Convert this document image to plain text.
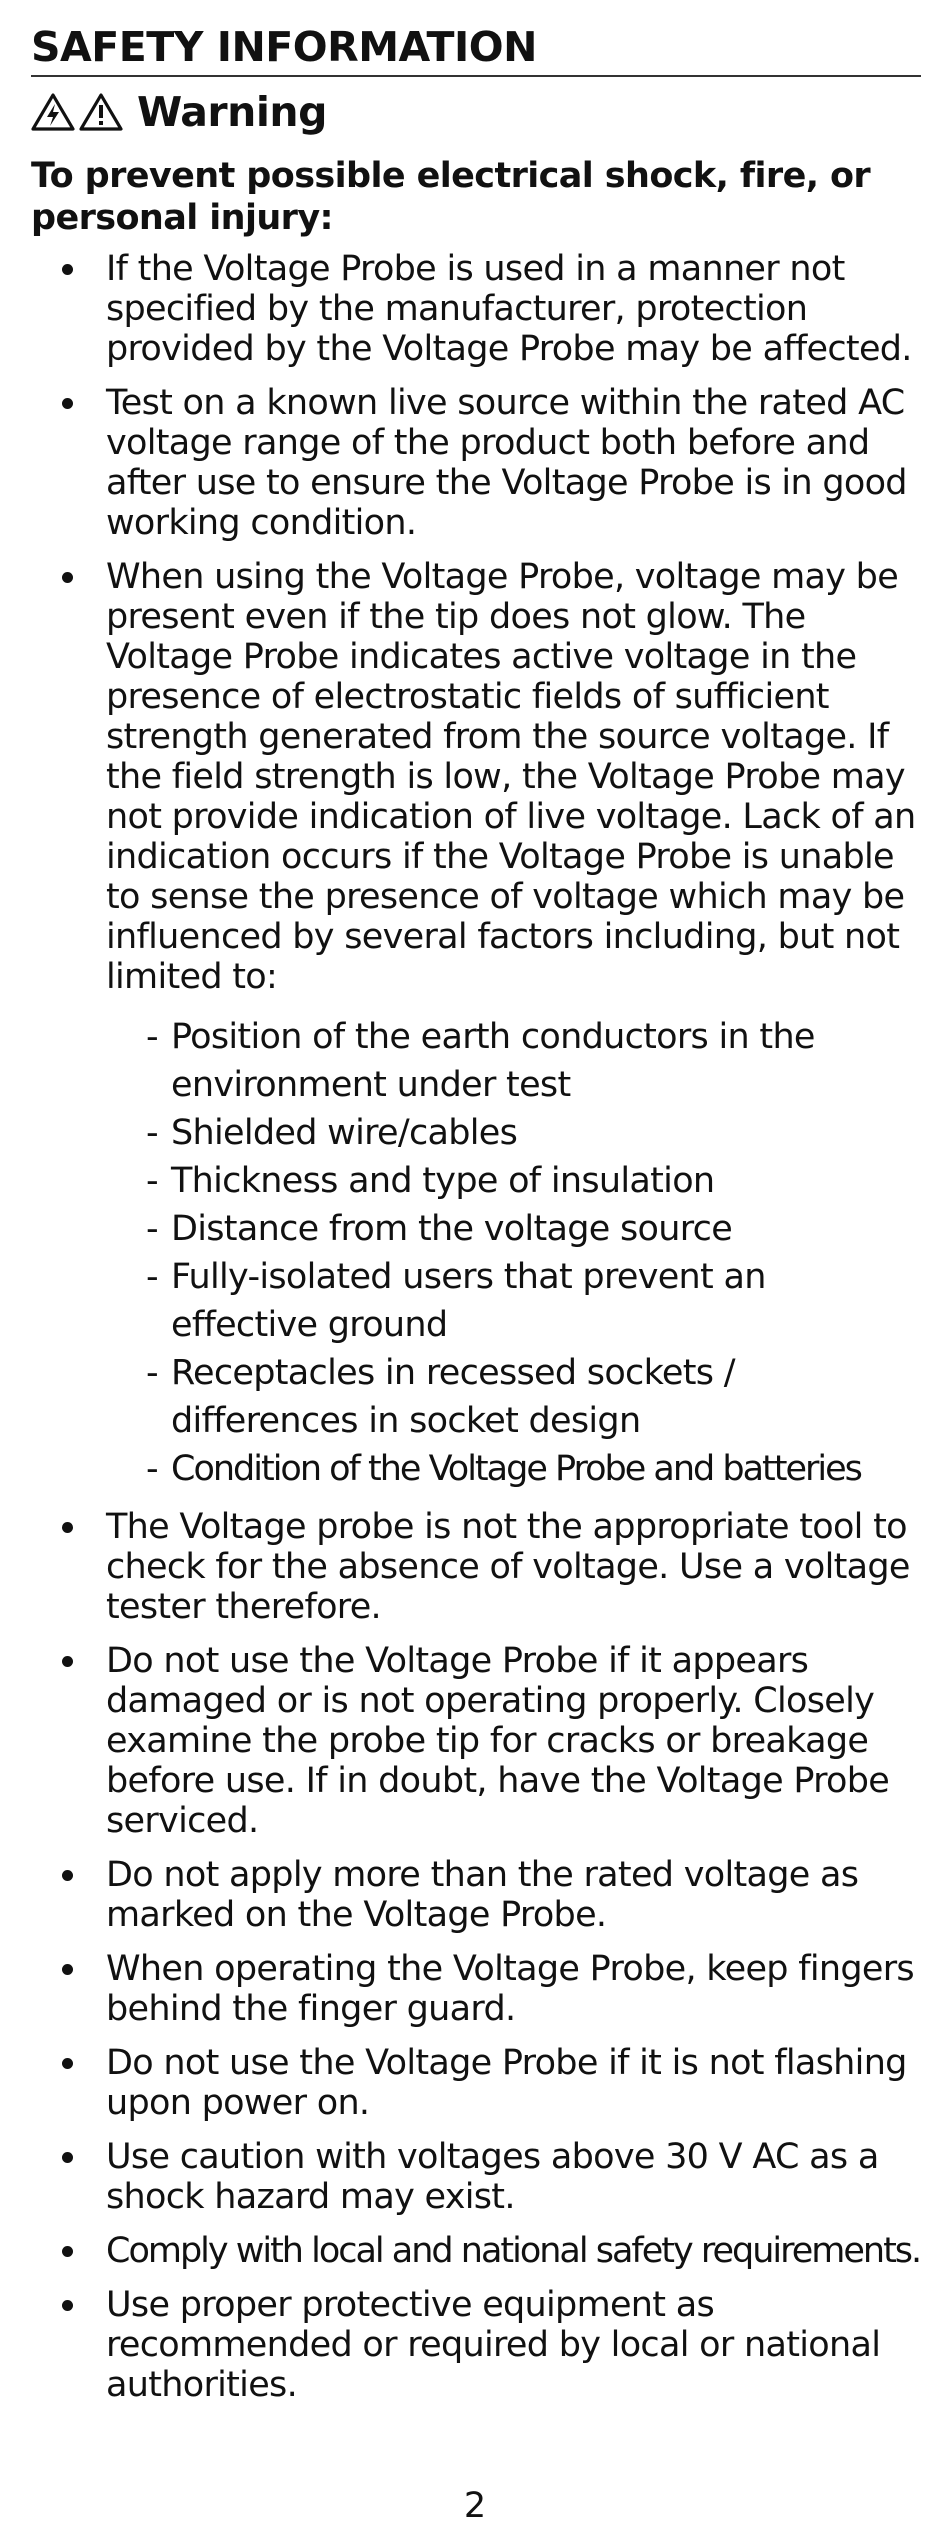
SAFETY INFORMATION
Warning

To prevent possible electrical shock, fire, or personal injury:

If the Voltage Probe is used in a manner not specified by the manufacturer, protection provided by the Voltage Probe may be affected.
Test on a known live source within the rated AC voltage range of the product both before and after use to ensure the Voltage Probe is in good working condition.
When using the Voltage Probe, voltage may be present even if the tip does not glow. The Voltage Probe indicates active voltage in the presence of electrostatic fields of sufficient strength generated from the source voltage. If the field strength is low, the Voltage Probe may not provide indication of live voltage. Lack of an indication occurs if the Voltage Probe is unable to sense the presence of voltage which may be influenced by several factors including, but not limited to:
- Position of the earth conductors in the environment under test
- Shielded wire/cables
- Thickness and type of insulation
- Distance from the voltage source
- Fully-isolated users that prevent an effective ground
- Receptacles in recessed sockets / differences in socket design
- Condition of the Voltage Probe and batteries
The Voltage probe is not the appropriate tool to check for the absence of voltage. Use a voltage tester therefore.
Do not use the Voltage Probe if it appears damaged or is not operating properly. Closely examine the probe tip for cracks or breakage before use. If in doubt, have the Voltage Probe serviced.
Do not apply more than the rated voltage as marked on the Voltage Probe.
When operating the Voltage Probe, keep fingers behind the finger guard.
Do not use the Voltage Probe if it is not flashing upon power on.
Use caution with voltages above 30 V AC as a shock hazard may exist.
Comply with local and national safety requirements.
Use proper protective equipment as recommended or required by local or national authorities.
2
